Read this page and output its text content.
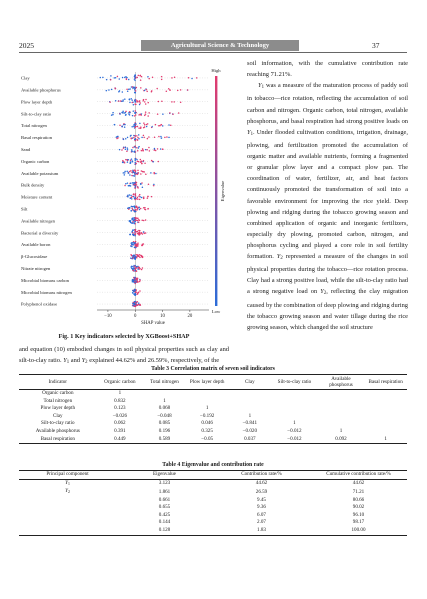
2025	Agricultural Science & Technology	37
Clay
Available phosphorus
Plow layer depth
Silt-to-clay ratio
Total nitrogen
Basal respiration
Sand
Organic carbon
Available potassium
Bulk density
Moisture content
Silt
Available nitrogen
Bacterial α diversity
Available boron
β-Glucosidase
Nitrate nitrogen
Microbial biomass carbon
Microbial biomass nitrogen
Polyphenol oxidase
−10	0	10	20
SHAP value
High
Low
Eigenvalue
Fig. 1 Key indicators selected by XGBoost+SHAP

and equation (10) embodied changes in soil physical properties such as clay and silt-to-clay ratio. $Y_1$ and $Y_2$ explained 44.62% and 26.59%, respectively, of the

soil information, with the cumulative contribution rate reaching 71.21%.

$Y_1$ was a measure of the maturation process of paddy soil in tobacco—rice rotation, reflecting the accumulation of soil carbon and nitrogen. Organic carbon, total nitrogen, available phosphorus, and basal respiration had strong positive loads on $Y_1$. Under flooded cultivation conditions, irrigation, drainage, plowing, and fertilization promoted the accumulation of organic matter and available nutrients, forming a fragmented or granular plow layer and a compact plow pan. The coordination of water, fertilizer, air, and heat factors continuously promoted the transformation of soil into a favorable environment for improving the rice yield. Deep plowing and ridging during the tobacco growing season and combined application of organic and inorganic fertilizers, especially dry plowing, promoted carbon, nitrogen, and phosphorus cycling and played a core role in soil fertility formation. $Y_2$ represented a measure of the changes in soil physical properties during the tobacco—rice rotation process. Clay had a strong positive load, while the silt-to-clay ratio had a strong negative load on $Y_2$, reflecting the clay migration caused by the combination of deep plowing and ridging during the tobacco growing season and water tillage during the rice growing season, which changed the soil structure

Table 3 Correlation matrix of seven soil indicators
Indicator	Organic carbon	Total nitrogen	Plow layer depth	Clay	Silt-to-clay ratio	Available phosphorus	Basal respiration
Organic carbon	1						
Total nitrogen	0.832	1					
Plow layer depth	0.123	0.068	1				
Clay	−0.026	−0.048	−0.192	1			
Silt-to-clay ratio	0.062	0.085	0.046	−0.841	1		
Available phosphorus	0.391	0.196	0.325	−0.020	−0.012	1	
Basal respiration	0.449	0.589	−0.05	0.037	−0.012	0.092	1
Table 4 Eigenvalue and contribution rate
Principal component	Eigenvalue	Contribution rate/%	Cumulative contribution rate/%
$Y_1$	3.123	44.62	44.62
$Y_2$	1.861	26.59	71.21
	0.661	9.45	80.66
	0.655	9.36	90.02
	0.425	6.07	96.10
	0.144	2.07	98.17
	0.128	1.83	100.00
